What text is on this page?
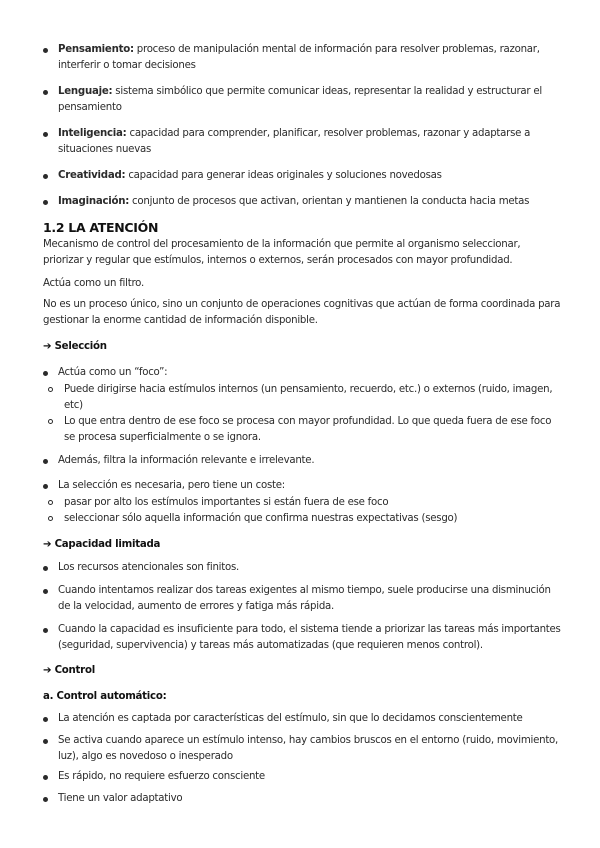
Pensamiento: proceso de manipulación mental de información para resolver problemas, razonar, interferir o tomar decisiones
Lenguaje: sistema simbólico que permite comunicar ideas, representar la realidad y estructurar el pensamiento
Inteligencia: capacidad para comprender, planificar, resolver problemas, razonar y adaptarse a situaciones nuevas
Creatividad: capacidad para generar ideas originales y soluciones novedosas
Imaginación: conjunto de procesos que activan, orientan y mantienen la conducta hacia metas
1.2 LA ATENCIÓN
Mecanismo de control del procesamiento de la información que permite al organismo seleccionar, priorizar y regular que estímulos, internos o externos, serán procesados con mayor profundidad.
Actúa como un filtro.
No es un proceso único, sino un conjunto de operaciones cognitivas que actúan de forma coordinada para gestionar la enorme cantidad de información disponible.
➔ Selección
Actúa como un “foco”:
Puede dirigirse hacia estímulos internos (un pensamiento, recuerdo, etc.) o externos (ruido, imagen, etc)
Lo que entra dentro de ese foco se procesa con mayor profundidad. Lo que queda fuera de ese foco se procesa superficialmente o se ignora.
Además, filtra la información relevante e irrelevante.
La selección es necesaria, pero tiene un coste:
pasar por alto los estímulos importantes si están fuera de ese foco
seleccionar sólo aquella información que confirma nuestras expectativas (sesgo)
➔ Capacidad limitada
Los recursos atencionales son finitos.
Cuando intentamos realizar dos tareas exigentes al mismo tiempo, suele producirse una disminución de la velocidad, aumento de errores y fatiga más rápida.
Cuando la capacidad es insuficiente para todo, el sistema tiende a priorizar las tareas más importantes (seguridad, supervivencia) y tareas más automatizadas (que requieren menos control).
➔ Control
a. Control automático:
La atención es captada por características del estímulo, sin que lo decidamos conscientemente
Se activa cuando aparece un estímulo intenso, hay cambios bruscos en el entorno (ruido, movimiento, luz), algo es novedoso o inesperado
Es rápido, no requiere esfuerzo consciente
Tiene un valor adaptativo
